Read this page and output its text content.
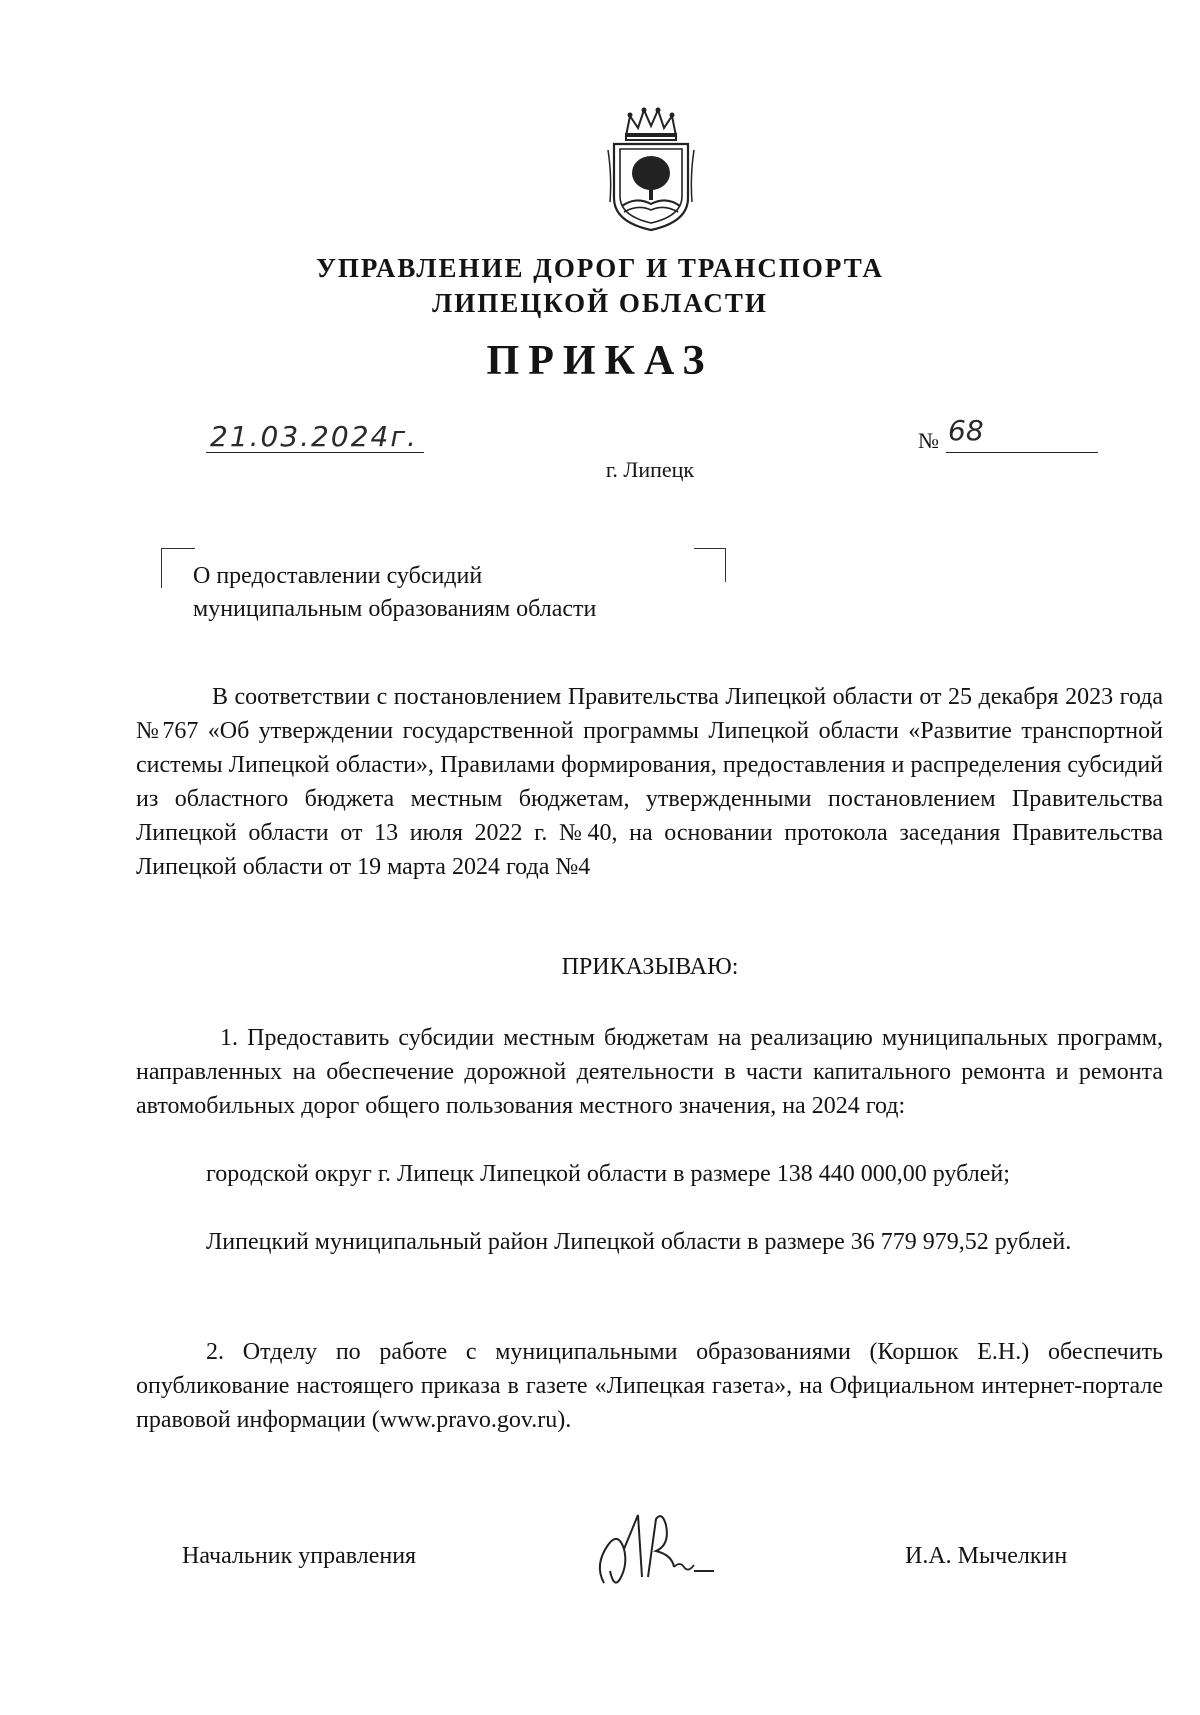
УПРАВЛЕНИЕ ДОРОГ И ТРАНСПОРТА
ЛИПЕЦКОЙ ОБЛАСТИ
ПРИКАЗ
21.03.2024г.	№ 68
г. Липецк
О предоставлении субсидий
муниципальным образованиям области
В соответствии с постановлением Правительства Липецкой области от 25 декабря 2023 года №767 «Об утверждении государственной программы Липецкой области «Развитие транспортной системы Липецкой области», Правилами формирования, предоставления и распределения субсидий из областного бюджета местным бюджетам, утвержденными постановлением Правительства Липецкой области от 13 июля 2022 г. №40, на основании протокола заседания Правительства Липецкой области от 19 марта 2024 года №4
ПРИКАЗЫВАЮ:
1. Предоставить субсидии местным бюджетам на реализацию муниципальных программ, направленных на обеспечение дорожной деятельности в части капитального ремонта и ремонта автомобильных дорог общего пользования местного значения, на 2024 год:
городской округ г. Липецк Липецкой области в размере 138 440 000,00 рублей;
Липецкий муниципальный район Липецкой области в размере 36 779 979,52 рублей.
2. Отделу по работе с муниципальными образованиями (Коршок Е.Н.) обеспечить опубликование настоящего приказа в газете «Липецкая газета», на Официальном интернет-портале правовой информации (www.pravo.gov.ru).
Начальник управления	И.А. Мычелкин
